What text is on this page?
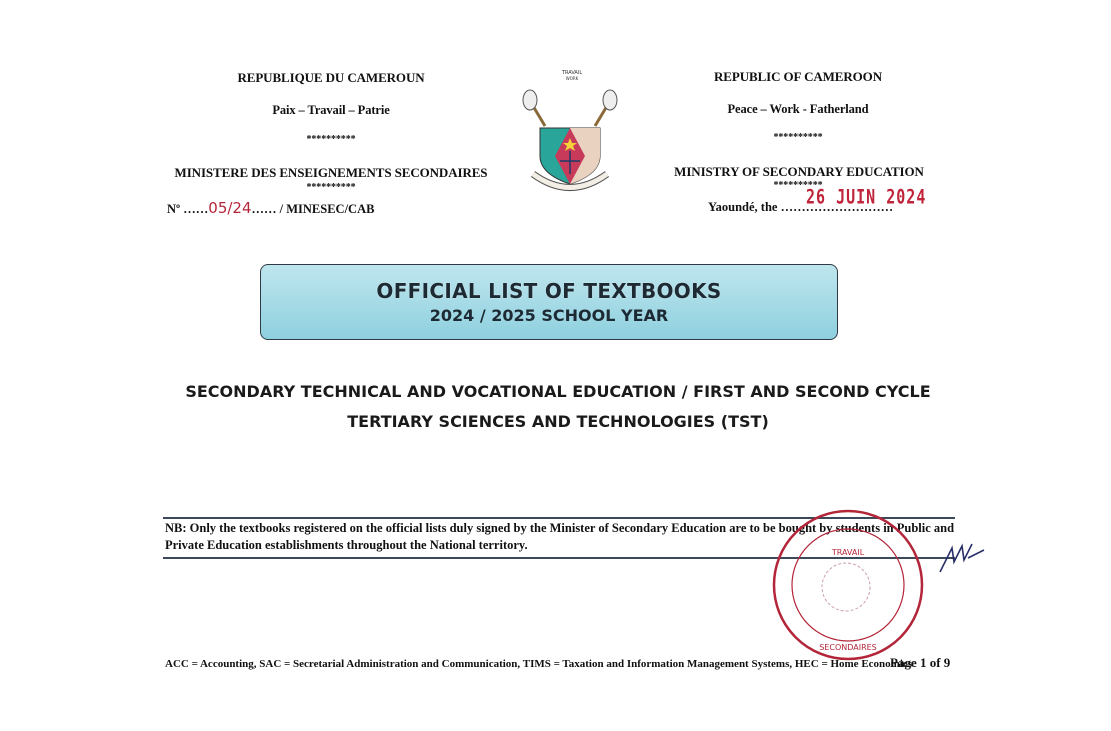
REPUBLIQUE DU CAMEROUN
Paix – Travail – Patrie
**********
MINISTERE DES ENSEIGNEMENTS SECONDAIRES
**********
Nº ……05/24…… / MINESEC/CAB
TRAVAIL
WORK	REPUBLIC OF CAMEROON
Peace – Work - Fatherland
**********
MINISTRY OF SECONDARY EDUCATION
**********
Yaoundé, the ………………………
26 JUIN 2024
OFFICIAL LIST OF TEXTBOOKS
2024 / 2025 SCHOOL YEAR
SECONDARY TECHNICAL AND VOCATIONAL EDUCATION / FIRST AND SECOND CYCLE
TERTIARY SCIENCES AND TECHNOLOGIES (TST)
NB: Only the textbooks registered on the official lists duly signed by the Minister of Secondary Education are to be bought by students in Public and Private Education establishments throughout the National territory.
TRAVAIL
SECONDAIRES
ACC = Accounting, SAC = Secretarial Administration and Communication, TIMS = Taxation and Information Management Systems, HEC = Home Economics
Page 1 of 9
